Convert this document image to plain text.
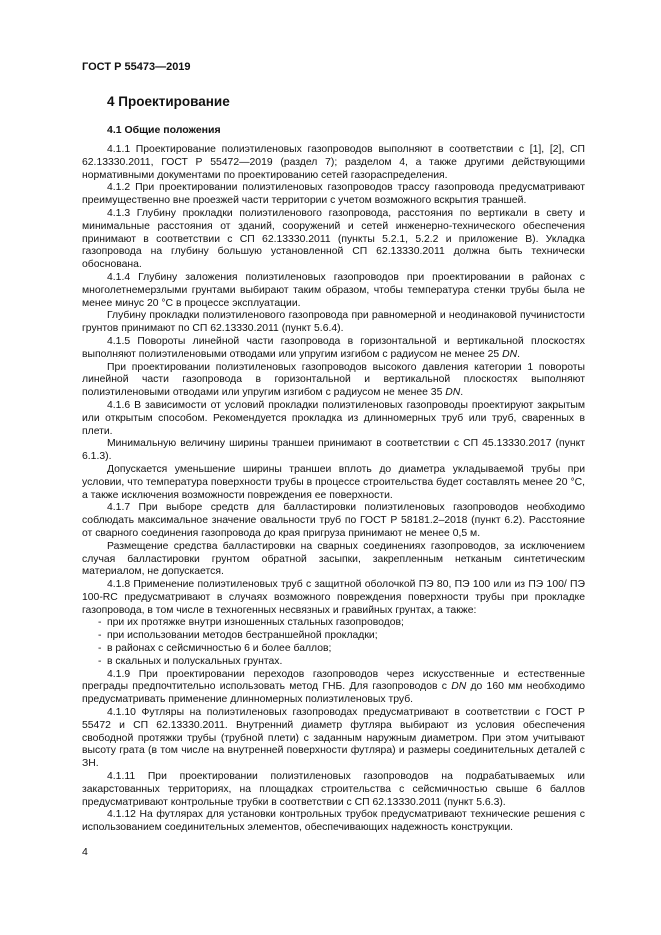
ГОСТ Р 55473—2019
4 Проектирование
4.1 Общие положения

4.1.1 Проектирование полиэтиленовых газопроводов выполняют в соответствии с [1], [2], СП 62.13330.2011, ГОСТ Р 55472—2019 (раздел 7); разделом 4, а также другими действующими нормативными документами по проектированию сетей газораспределения.

4.1.2 При проектировании полиэтиленовых газопроводов трассу газопровода предусматривают преимущественно вне проезжей части территории с учетом возможного вскрытия траншей.

4.1.3 Глубину прокладки полиэтиленового газопровода, расстояния по вертикали в свету и минимальные расстояния от зданий, сооружений и сетей инженерно-технического обеспечения принимают в соответствии с СП 62.13330.2011 (пункты 5.2.1, 5.2.2 и приложение В). Укладка газопровода на глубину большую установленной СП 62.13330.2011 должна быть технически обоснована.

4.1.4 Глубину заложения полиэтиленовых газопроводов при проектировании в районах с многолетнемерзлыми грунтами выбирают таким образом, чтобы температура стенки трубы была не менее минус 20 °С в процессе эксплуатации.

Глубину прокладки полиэтиленового газопровода при равномерной и неодинаковой пучинистости грунтов принимают по СП 62.13330.2011 (пункт 5.6.4).

4.1.5 Повороты линейной части газопровода в горизонтальной и вертикальной плоскостях выполняют полиэтиленовыми отводами или упругим изгибом с радиусом не менее 25 DN.

При проектировании полиэтиленовых газопроводов высокого давления категории 1 повороты линейной части газопровода в горизонтальной и вертикальной плоскостях выполняют полиэтиленовыми отводами или упругим изгибом с радиусом не менее 35 DN.

4.1.6 В зависимости от условий прокладки полиэтиленовых газопроводы проектируют закрытым или открытым способом. Рекомендуется прокладка из длинномерных труб или труб, сваренных в плети.

Минимальную величину ширины траншеи принимают в соответствии с СП 45.13330.2017 (пункт 6.1.3).

Допускается уменьшение ширины траншеи вплоть до диаметра укладываемой трубы при условии, что температура поверхности трубы в процессе строительства будет составлять менее 20 °С, а также исключения возможности повреждения ее поверхности.

4.1.7 При выборе средств для балластировки полиэтиленовых газопроводов необходимо соблюдать максимальное значение овальности труб по ГОСТ Р 58181.2–2018 (пункт 6.2). Расстояние от сварного соединения газопровода до края пригруза принимают не менее 0,5 м.

Размещение средства балластировки на сварных соединениях газопроводов, за исключением случая балластировки грунтом обратной засыпки, закрепленным нетканым синтетическим материалом, не допускается.

4.1.8 Применение полиэтиленовых труб с защитной оболочкой ПЭ 80, ПЭ 100 или из ПЭ 100/ ПЭ 100-RC предусматривают в случаях возможного повреждения поверхности трубы при прокладке газопровода, в том числе в техногенных несвязных и гравийных грунтах, а также:

- при их протяжке внутри изношенных стальных газопроводов;
- при использовании методов бестраншейной прокладки;
- в районах с сейсмичностью 6 и более баллов;
- в скальных и полускальных грунтах.

4.1.9 При проектировании переходов газопроводов через искусственные и естественные преграды предпочтительно использовать метод ГНБ. Для газопроводов с DN до 160 мм необходимо предусматривать применение длинномерных полиэтиленовых труб.

4.1.10 Футляры на полиэтиленовых газопроводах предусматривают в соответствии с ГОСТ Р 55472 и СП 62.13330.2011. Внутренний диаметр футляра выбирают из условия обеспечения свободной протяжки трубы (трубной плети) с заданным наружным диаметром. При этом учитывают высоту грата (в том числе на внутренней поверхности футляра) и размеры соединительных деталей с ЗН.

4.1.11 При проектировании полиэтиленовых газопроводов на подрабатываемых или закарстованных территориях, на площадках строительства с сейсмичностью свыше 6 баллов предусматривают контрольные трубки в соответствии с СП 62.13330.2011 (пункт 5.6.3).

4.1.12 На футлярах для установки контрольных трубок предусматривают технические решения с использованием соединительных элементов, обеспечивающих надежность конструкции.

4
